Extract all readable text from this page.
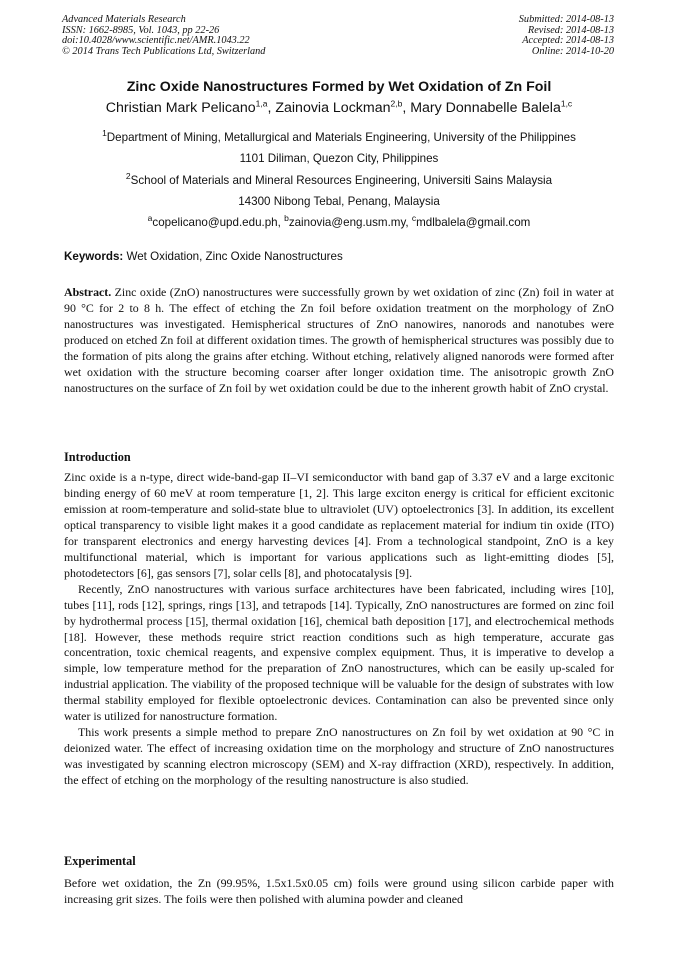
Advanced Materials Research
ISSN: 1662-8985, Vol. 1043, pp 22-26
doi:10.4028/www.scientific.net/AMR.1043.22
© 2014 Trans Tech Publications Ltd, Switzerland
Submitted: 2014-08-13
Revised: 2014-08-13
Accepted: 2014-08-13
Online: 2014-10-20
Zinc Oxide Nanostructures Formed by Wet Oxidation of Zn Foil
Christian Mark Pelicano$^{1,a}$, Zainovia Lockman$^{2,b}$, Mary Donnabelle Balela$^{1,c}$
$^1$Department of Mining, Metallurgical and Materials Engineering, University of the Philippines
1101 Diliman, Quezon City, Philippines
$^2$School of Materials and Mineral Resources Engineering, Universiti Sains Malaysia
14300 Nibong Tebal, Penang, Malaysia
$^a$copelicano@upd.edu.ph, $^b$zainovia@eng.usm.my, $^c$mdlbalela@gmail.com
Keywords: Wet Oxidation, Zinc Oxide Nanostructures

Abstract. Zinc oxide (ZnO) nanostructures were successfully grown by wet oxidation of zinc (Zn) foil in water at 90 °C for 2 to 8 h. The effect of etching the Zn foil before oxidation treatment on the morphology of ZnO nanostructures was investigated. Hemispherical structures of ZnO nanowires, nanorods and nanotubes were produced on etched Zn foil at different oxidation times. The growth of hemispherical structures was possibly due to the formation of pits along the grains after etching. Without etching, relatively aligned nanorods were formed after wet oxidation with the structure becoming coarser after longer oxidation time. The anisotropic growth ZnO nanostructures on the surface of Zn foil by wet oxidation could be due to the inherent growth habit of ZnO crystal.

Introduction

Zinc oxide is a n-type, direct wide-band-gap II–VI semiconductor with band gap of 3.37 eV and a large excitonic binding energy of 60 meV at room temperature [1, 2]. This large exciton energy is critical for efficient excitonic emission at room-temperature and solid-state blue to ultraviolet (UV) optoelectronics [3]. In addition, its excellent optical transparency to visible light makes it a good candidate as replacement material for indium tin oxide (ITO) for transparent electronics and energy harvesting devices [4]. From a technological standpoint, ZnO is a key multifunctional material, which is important for various applications such as light-emitting diodes [5], photodetectors [6], gas sensors [7], solar cells [8], and photocatalysis [9].

Recently, ZnO nanostructures with various surface architectures have been fabricated, including wires [10], tubes [11], rods [12], springs, rings [13], and tetrapods [14]. Typically, ZnO nanostructures are formed on zinc foil by hydrothermal process [15], thermal oxidation [16], chemical bath deposition [17], and electrochemical methods [18]. However, these methods require strict reaction conditions such as high temperature, accurate gas concentration, toxic chemical reagents, and expensive complex equipment. Thus, it is imperative to develop a simple, low temperature method for the preparation of ZnO nanostructures, which can be easily up-scaled for industrial application. The viability of the proposed technique will be valuable for the design of substrates with low thermal stability employed for flexible optoelectronic devices. Contamination can also be prevented since only water is utilized for nanostructure formation.

This work presents a simple method to prepare ZnO nanostructures on Zn foil by wet oxidation at 90 °C in deionized water. The effect of increasing oxidation time on the morphology and structure of ZnO nanostructures was investigated by scanning electron microscopy (SEM) and X-ray diffraction (XRD), respectively. In addition, the effect of etching on the morphology of the resulting nanostructure is also studied.

Experimental

Before wet oxidation, the Zn (99.95%, 1.5x1.5x0.05 cm) foils were ground using silicon carbide paper with increasing grit sizes. The foils were then polished with alumina powder and cleaned
